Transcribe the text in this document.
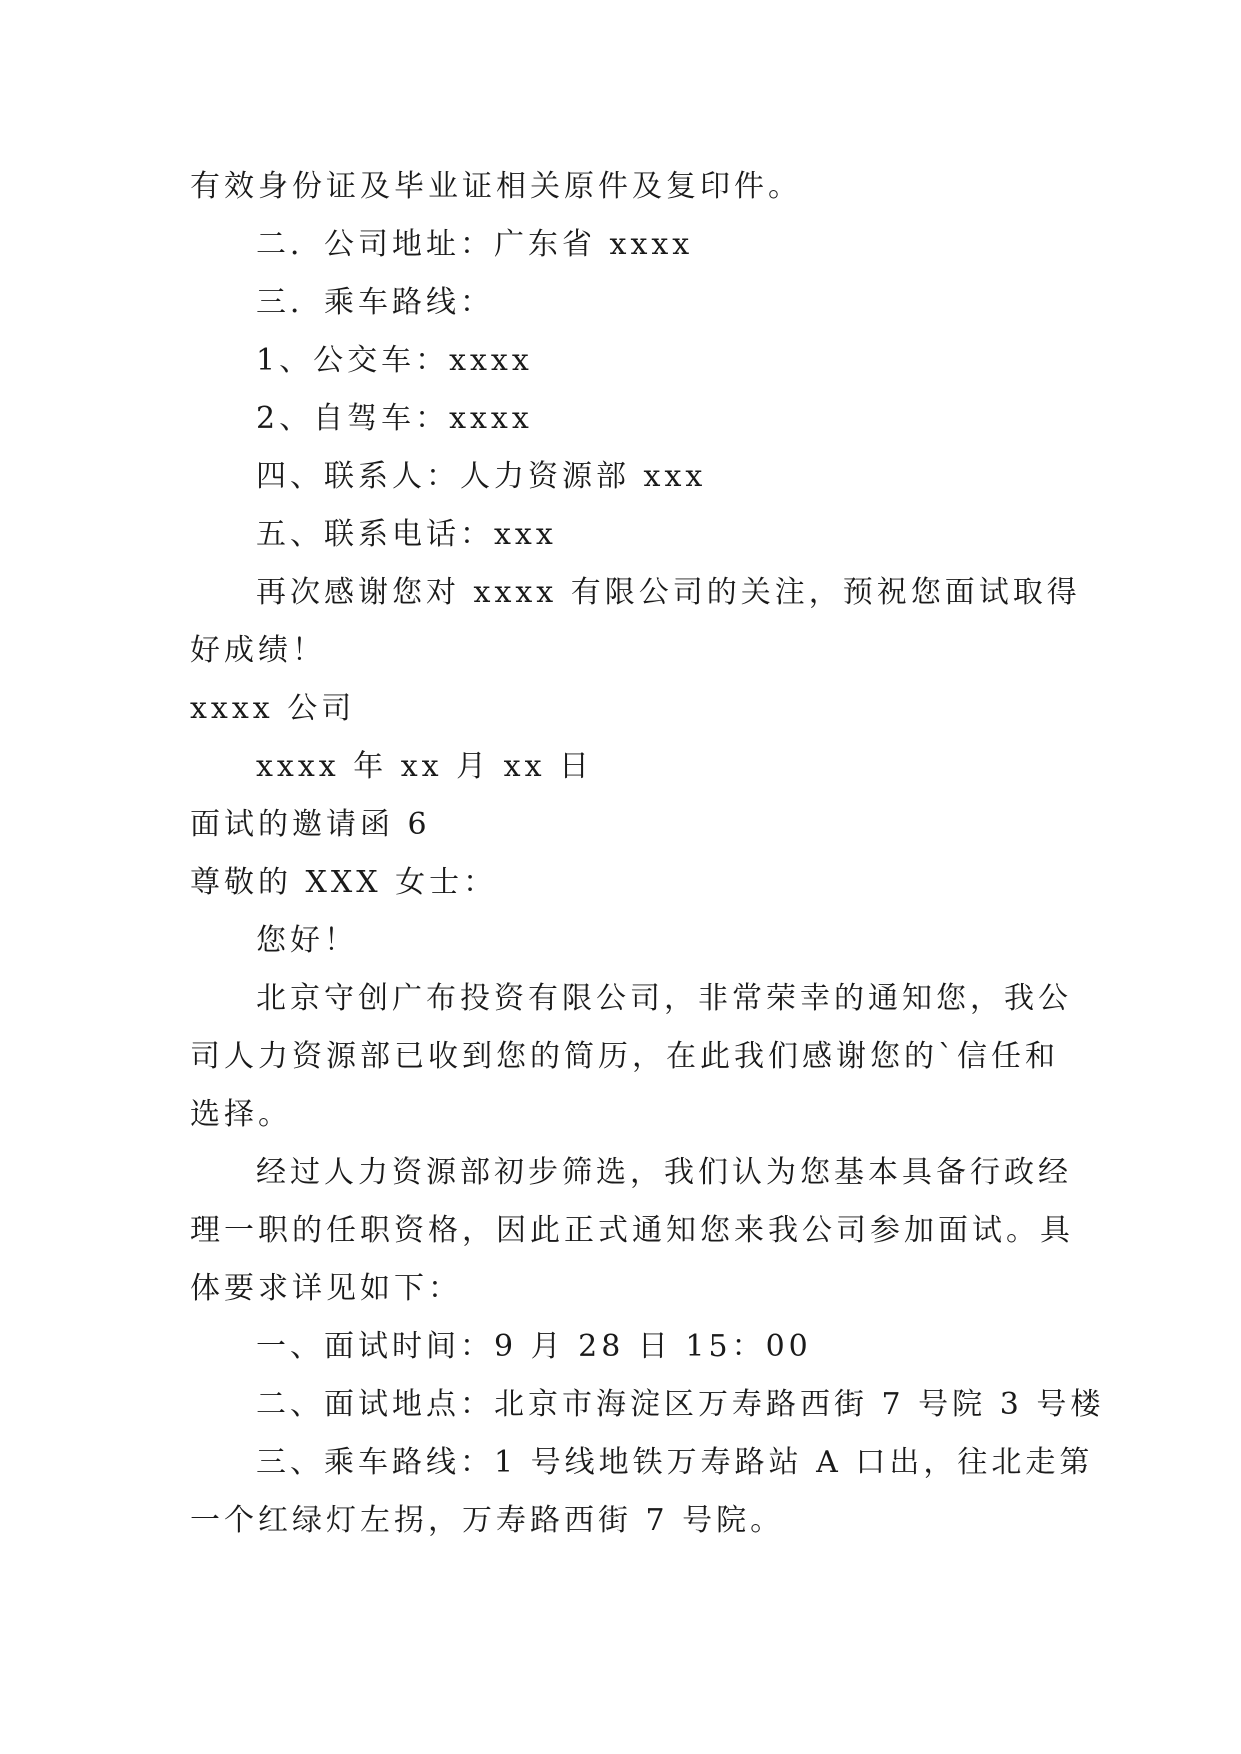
有效身份证及毕业证相关原件及复印件。

二．公司地址：广东省 xxxx

三．乘车路线：

1、公交车：xxxx

2、自驾车：xxxx

四、联系人：人力资源部 xxx

五、联系电话：xxx

再次感谢您对 xxxx 有限公司的关注，预祝您面试取得

好成绩！

xxxx 公司

xxxx 年 xx 月 xx 日

面试的邀请函 6

尊敬的 XXX 女士：

您好！

北京守创广布投资有限公司，非常荣幸的通知您，我公

司人力资源部已收到您的简历，在此我们感谢您的`信任和

选择。

经过人力资源部初步筛选，我们认为您基本具备行政经

理一职的任职资格，因此正式通知您来我公司参加面试。具

体要求详见如下：

一、面试时间：9 月 28 日 15：00

二、面试地点：北京市海淀区万寿路西街 7 号院 3 号楼

三、乘车路线：1 号线地铁万寿路站 A 口出，往北走第

一个红绿灯左拐，万寿路西街 7 号院。
